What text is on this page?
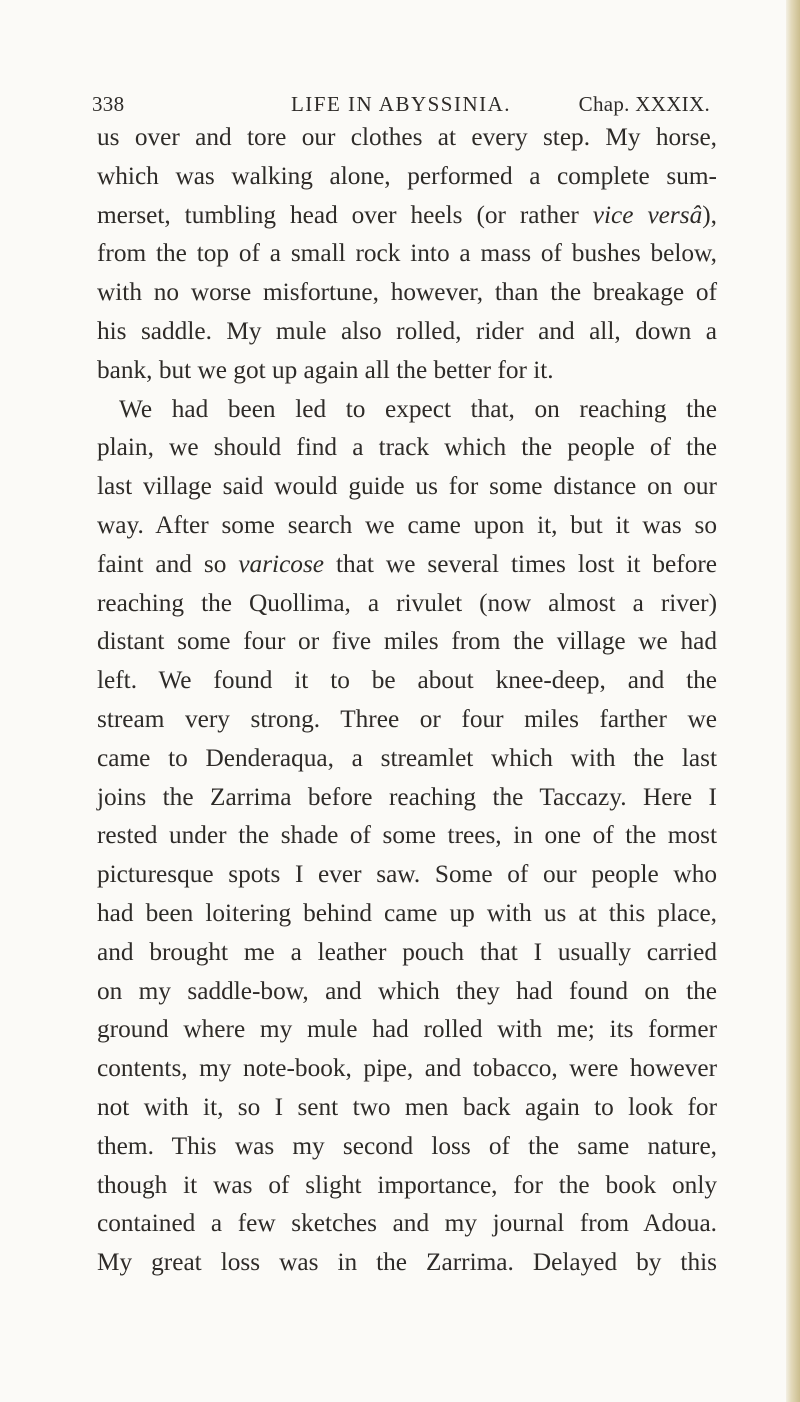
338	LIFE IN ABYSSINIA.	Chap. XXXIX.
us over and tore our clothes at every step. My horse,
which was walking alone, performed a complete sum-
merset, tumbling head over heels (or rather vice versâ),
from the top of a small rock into a mass of bushes below,
with no worse misfortune, however, than the breakage of
his saddle. My mule also rolled, rider and all, down a
bank, but we got up again all the better for it.
We had been led to expect that, on reaching the
plain, we should find a track which the people of the
last village said would guide us for some distance on our
way. After some search we came upon it, but it was so
faint and so varicose that we several times lost it before
reaching the Quollima, a rivulet (now almost a river)
distant some four or five miles from the village we had
left. We found it to be about knee-deep, and the
stream very strong. Three or four miles farther we
came to Denderaqua, a streamlet which with the last
joins the Zarrima before reaching the Taccazy. Here I
rested under the shade of some trees, in one of the most
picturesque spots I ever saw. Some of our people who
had been loitering behind came up with us at this place,
and brought me a leather pouch that I usually carried
on my saddle-bow, and which they had found on the
ground where my mule had rolled with me; its former
contents, my note-book, pipe, and tobacco, were however
not with it, so I sent two men back again to look for
them. This was my second loss of the same nature,
though it was of slight importance, for the book only
contained a few sketches and my journal from Adoua.
My great loss was in the Zarrima. Delayed by this
